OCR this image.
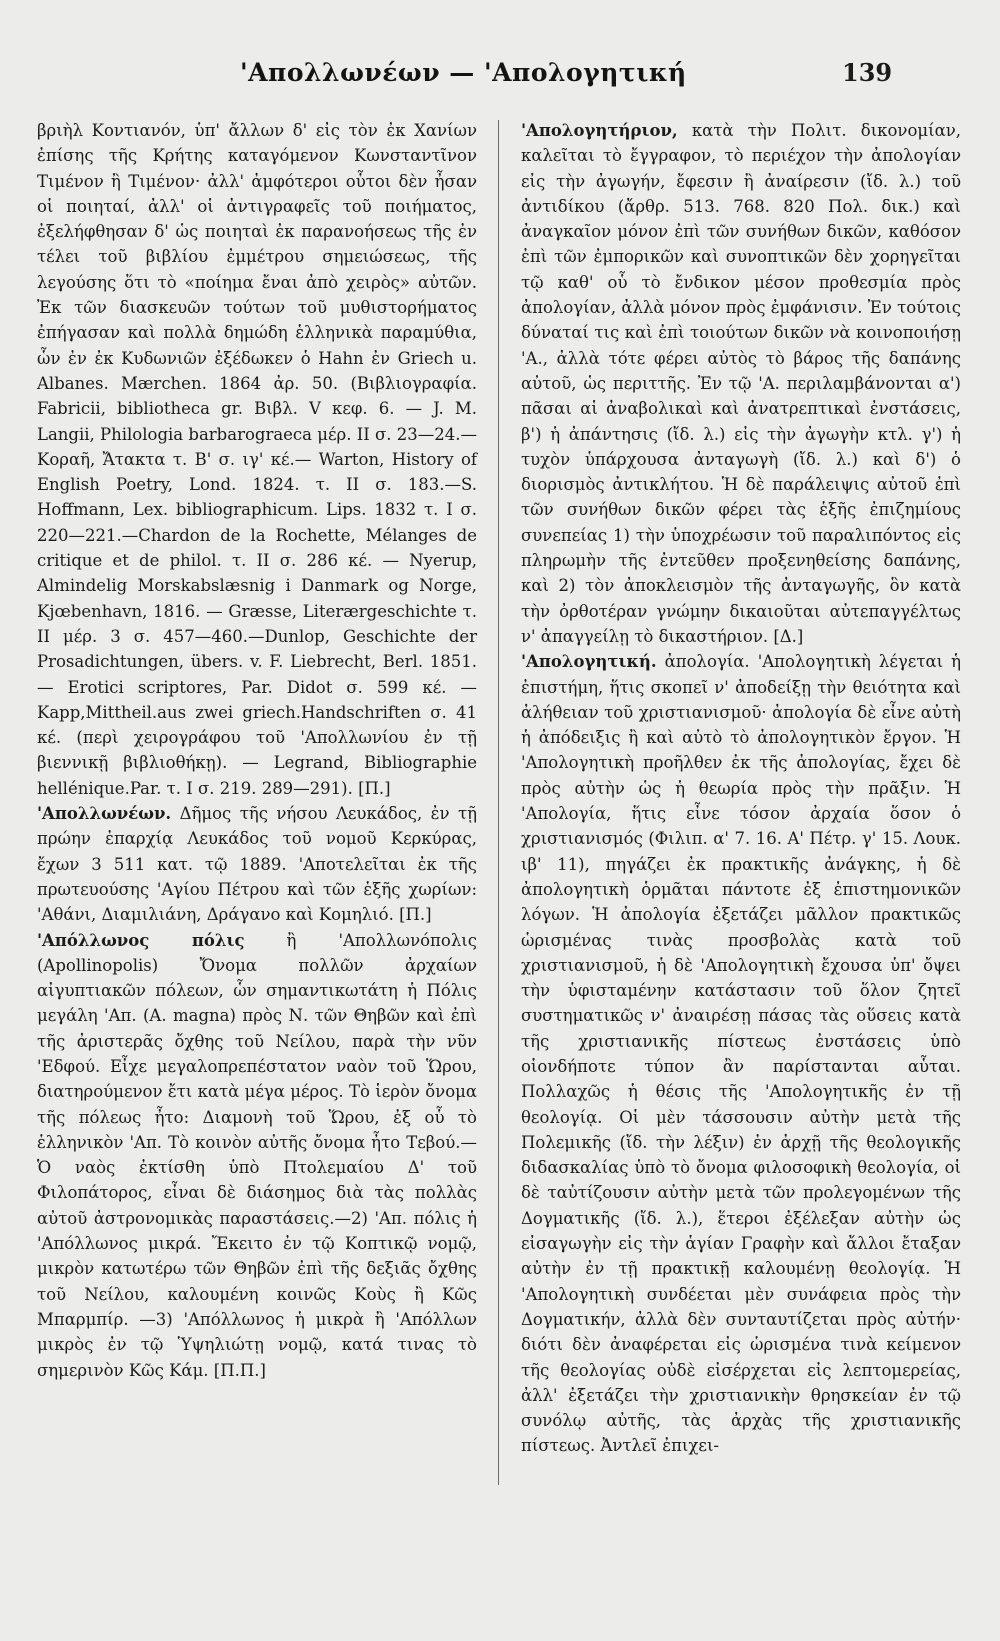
'Απολλωνέων — 'Απολογητική	139

βριὴλ Κοντιανόν, ὑπ' ἄλλων δ' εἰς τὸν ἐκ Χανίων ἐπίσης τῆς Κρήτης καταγόμενον Κωνσταντῖνον Τιμένον ἢ Τιμένον· ἀλλ' ἀμφότεροι οὗτοι δὲν ἦσαν οἱ ποιηταί, ἀλλ' οἱ ἀντιγραφεῖς τοῦ ποιήματος, ἐξελήφθησαν δ' ὡς ποιηταὶ ἐκ παρανοήσεως τῆς ἐν τέλει τοῦ βιβλίου ἐμμέτρου σημειώσεως, τῆς λεγούσης ὅτι τὸ «ποίημα ἔναι ἀπὸ χειρὸς» αὐτῶν. Ἐκ τῶν διασκευῶν τούτων τοῦ μυθιστορήματος ἐπήγασαν καὶ πολλὰ δημώδη ἑλληνικὰ παραμύθια, ὧν ἐν ἐκ Κυδωνιῶν ἐξέδωκεν ὁ Hahn ἐν Griech u. Albanes. Mærchen. 1864 ἀρ. 50. (Βιβλιογραφία. Fabricii, bibliotheca gr. Βιβλ. V κεφ. 6. — J. M. Langii, Philologia barbarograeca μέρ. II σ. 23—24.—Κοραῆ, Ἄτακτα τ. Β' σ. ιγ' κέ.— Warton, History of English Poetry, Lond. 1824. τ. II σ. 183.—S. Hoffmann, Lex. bibliographicum. Lips. 1832 τ. I σ. 220—221.—Chardon de la Rochette, Mélanges de critique et de philol. τ. II σ. 286 κέ. — Nyerup, Almindelig Morskabslæsnig i Danmark og Norge, Kjœbenhavn, 1816. — Græsse, Literærgeschichte τ. II μέρ. 3 σ. 457—460.—Dunlop, Geschichte der Prosadichtungen, übers. v. F. Liebrecht, Berl. 1851. — Erotici scriptores, Par. Didot σ. 599 κέ. —Kapp,Mittheil.aus zwei griech.Handschriften σ. 41 κέ. (περὶ χειρογράφου τοῦ 'Απολλωνίου ἐν τῇ βιεννικῇ βιβλιοθήκῃ). — Legrand, Bibliographie hellénique.Par. τ. I σ. 219. 289—291). [Π.]

'Απολλωνέων. Δῆμος τῆς νήσου Λευκάδος, ἐν τῇ πρώην ἐπαρχίᾳ Λευκάδος τοῦ νομοῦ Κερκύρας, ἔχων 3 511 κατ. τῷ 1889. 'Αποτελεῖται ἐκ τῆς πρωτευούσης 'Αγίου Πέτρου καὶ τῶν ἑξῆς χωρίων: 'Αθάνι, Διαμιλιάνη, Δράγανο καὶ Κομηλιό. [Π.]

'Απόλλωνος πόλις ἢ 'Απολλωνόπολις (Apollinopolis) Ὄνομα πολλῶν ἀρχαίων αἰγυπτιακῶν πόλεων, ὧν σημαντικωτάτη ἡ Πόλις μεγάλη 'Απ. (A. magna) πρὸς Ν. τῶν Θηβῶν καὶ ἐπὶ τῆς ἀριστερᾶς ὄχθης τοῦ Νείλου, παρὰ τὴν νῦν 'Εδφού. Εἶχε μεγαλοπρεπέστατον ναὸν τοῦ Ὥρου, διατηρούμενον ἔτι κατὰ μέγα μέρος. Τὸ ἱερὸν ὄνομα τῆς πόλεως ἦτο: Διαμονὴ τοῦ Ὥρου, ἐξ οὗ τὸ ἑλληνικὸν 'Απ. Τὸ κοινὸν αὐτῆς ὄνομα ἦτο Τεβού.—Ὁ ναὸς ἐκτίσθη ὑπὸ Πτολεμαίου Δ' τοῦ Φιλοπάτορος, εἶναι δὲ διάσημος διὰ τὰς πολλὰς αὐτοῦ ἀστρονομικὰς παραστάσεις.—2) 'Απ. πόλις ἡ 'Απόλλωνος μικρά. Ἔκειτο ἐν τῷ Κοπτικῷ νομῷ, μικρὸν κατωτέρω τῶν Θηβῶν ἐπὶ τῆς δεξιᾶς ὄχθης τοῦ Νείλου, καλουμένη κοινῶς Κοὺς ἢ Κῶς Μπαρμπίρ. —3) 'Απόλλωνος ἡ μικρὰ ἢ 'Απόλλων μικρὸς ἐν τῷ Ὑψηλιώτῃ νομῷ, κατά τινας τὸ σημερινὸν Κῶς Κάμ. [Π.Π.]

'Απολογητήριον, κατὰ τὴν Πολιτ. δικονομίαν, καλεῖται τὸ ἔγγραφον, τὸ περιέχον τὴν ἀπολογίαν εἰς τὴν ἀγωγήν, ἔφεσιν ἢ ἀναίρεσιν (ἴδ. λ.) τοῦ ἀντιδίκου (ἄρθρ. 513. 768. 820 Πολ. δικ.) καὶ ἀναγκαῖον μόνον ἐπὶ τῶν συνήθων δικῶν, καθόσον ἐπὶ τῶν ἐμπορικῶν καὶ συνοπτικῶν δὲν χορηγεῖται τῷ καθ' οὗ τὸ ἔνδικον μέσον προθεσμία πρὸς ἀπολογίαν, ἀλλὰ μόνον πρὸς ἐμφάνισιν. Ἐν τούτοις δύναταί τις καὶ ἐπὶ τοιούτων δικῶν νὰ κοινοποιήσῃ 'Α., ἀλλὰ τότε φέρει αὐτὸς τὸ βάρος τῆς δαπάνης αὐτοῦ, ὡς περιττῆς. Ἐν τῷ 'Α. περιλαμβάνονται α') πᾶσαι αἱ ἀναβολικαὶ καὶ ἀνατρεπτικαὶ ἐνστάσεις, β') ἡ ἀπάντησις (ἴδ. λ.) εἰς τὴν ἀγωγὴν κτλ. γ') ἡ τυχὸν ὑπάρχουσα ἀνταγωγὴ (ἴδ. λ.) καὶ δ') ὁ διορισμὸς ἀντικλήτου. Ἡ δὲ παράλειψις αὐτοῦ ἐπὶ τῶν συνήθων δικῶν φέρει τὰς ἑξῆς ἐπιζημίους συνεπείας 1) τὴν ὑποχρέωσιν τοῦ παραλιπόντος εἰς πληρωμὴν τῆς ἐντεῦθεν προξενηθείσης δαπάνης, καὶ 2) τὸν ἀποκλεισμὸν τῆς ἀνταγωγῆς, ὃν κατὰ τὴν ὀρθοτέραν γνώμην δικαιοῦται αὐτεπαγγέλτως ν' ἀπαγγείλῃ τὸ δικαστήριον. [Δ.]

'Απολογητική. ἀπολογία. 'Απολογητικὴ λέγεται ἡ ἐπιστήμη, ἥτις σκοπεῖ ν' ἀποδείξῃ τὴν θειότητα καὶ ἀλήθειαν τοῦ χριστιανισμοῦ· ἀπολογία δὲ εἶνε αὐτὴ ἡ ἀπόδειξις ἢ καὶ αὐτὸ τὸ ἀπολογητικὸν ἔργον. Ἡ 'Απολογητικὴ προῆλθεν ἐκ τῆς ἀπολογίας, ἔχει δὲ πρὸς αὐτὴν ὡς ἡ θεωρία πρὸς τὴν πρᾶξιν. Ἡ 'Απολογία, ἥτις εἶνε τόσον ἀρχαία ὅσον ὁ χριστιανισμός (Φιλιπ. α' 7. 16. Α' Πέτρ. γ' 15. Λουκ. ιβ' 11), πηγάζει ἐκ πρακτικῆς ἀνάγκης, ἡ δὲ ἀπολογητικὴ ὁρμᾶται πάντοτε ἐξ ἐπιστημονικῶν λόγων. Ἡ ἀπολογία ἐξετάζει μᾶλλον πρακτικῶς ὡρισμένας τινὰς προσβολὰς κατὰ τοῦ χριστιανισμοῦ, ἡ δὲ 'Απολογητικὴ ἔχουσα ὑπ' ὄψει τὴν ὑφισταμένην κατάστασιν τοῦ ὅλον ζητεῖ συστηματικῶς ν' ἀναιρέσῃ πάσας τὰς οὕσεις κατὰ τῆς χριστιανικῆς πίστεως ἐνστάσεις ὑπὸ οἱονδήποτε τύπον ἂν παρίστανται αὗται. Πολλαχῶς ἡ θέσις τῆς 'Απολογητικῆς ἐν τῇ θεολογίᾳ. Οἱ μὲν τάσσουσιν αὐτὴν μετὰ τῆς Πολεμικῆς (ἴδ. τὴν λέξιν) ἐν ἀρχῇ τῆς θεολογικῆς διδασκαλίας ὑπὸ τὸ ὄνομα φιλοσοφικὴ θεολογία, οἱ δὲ ταὐτίζουσιν αὐτὴν μετὰ τῶν προλεγομένων τῆς Δογματικῆς (ἴδ. λ.), ἕτεροι ἐξέλεξαν αὐτὴν ὡς εἰσαγωγὴν εἰς τὴν ἁγίαν Γραφὴν καὶ ἄλλοι ἔταξαν αὐτὴν ἐν τῇ πρακτικῇ καλουμένῃ θεολογίᾳ. Ἡ 'Απολογητικὴ συνδέεται μὲν συνάφεια πρὸς τὴν Δογματικήν, ἀλλὰ δὲν συνταυτίζεται πρὸς αὐτήν· διότι δὲν ἀναφέρεται εἰς ὡρισμένα τινὰ κείμενον τῆς θεολογίας οὐδὲ εἰσέρχεται εἰς λεπτομερείας, ἀλλ' ἐξετάζει τὴν χριστιανικὴν θρησκείαν ἐν τῷ συνόλῳ αὐτῆς, τὰς ἀρχὰς τῆς χριστιανικῆς πίστεως. Ἀντλεῖ ἐπιχει-
